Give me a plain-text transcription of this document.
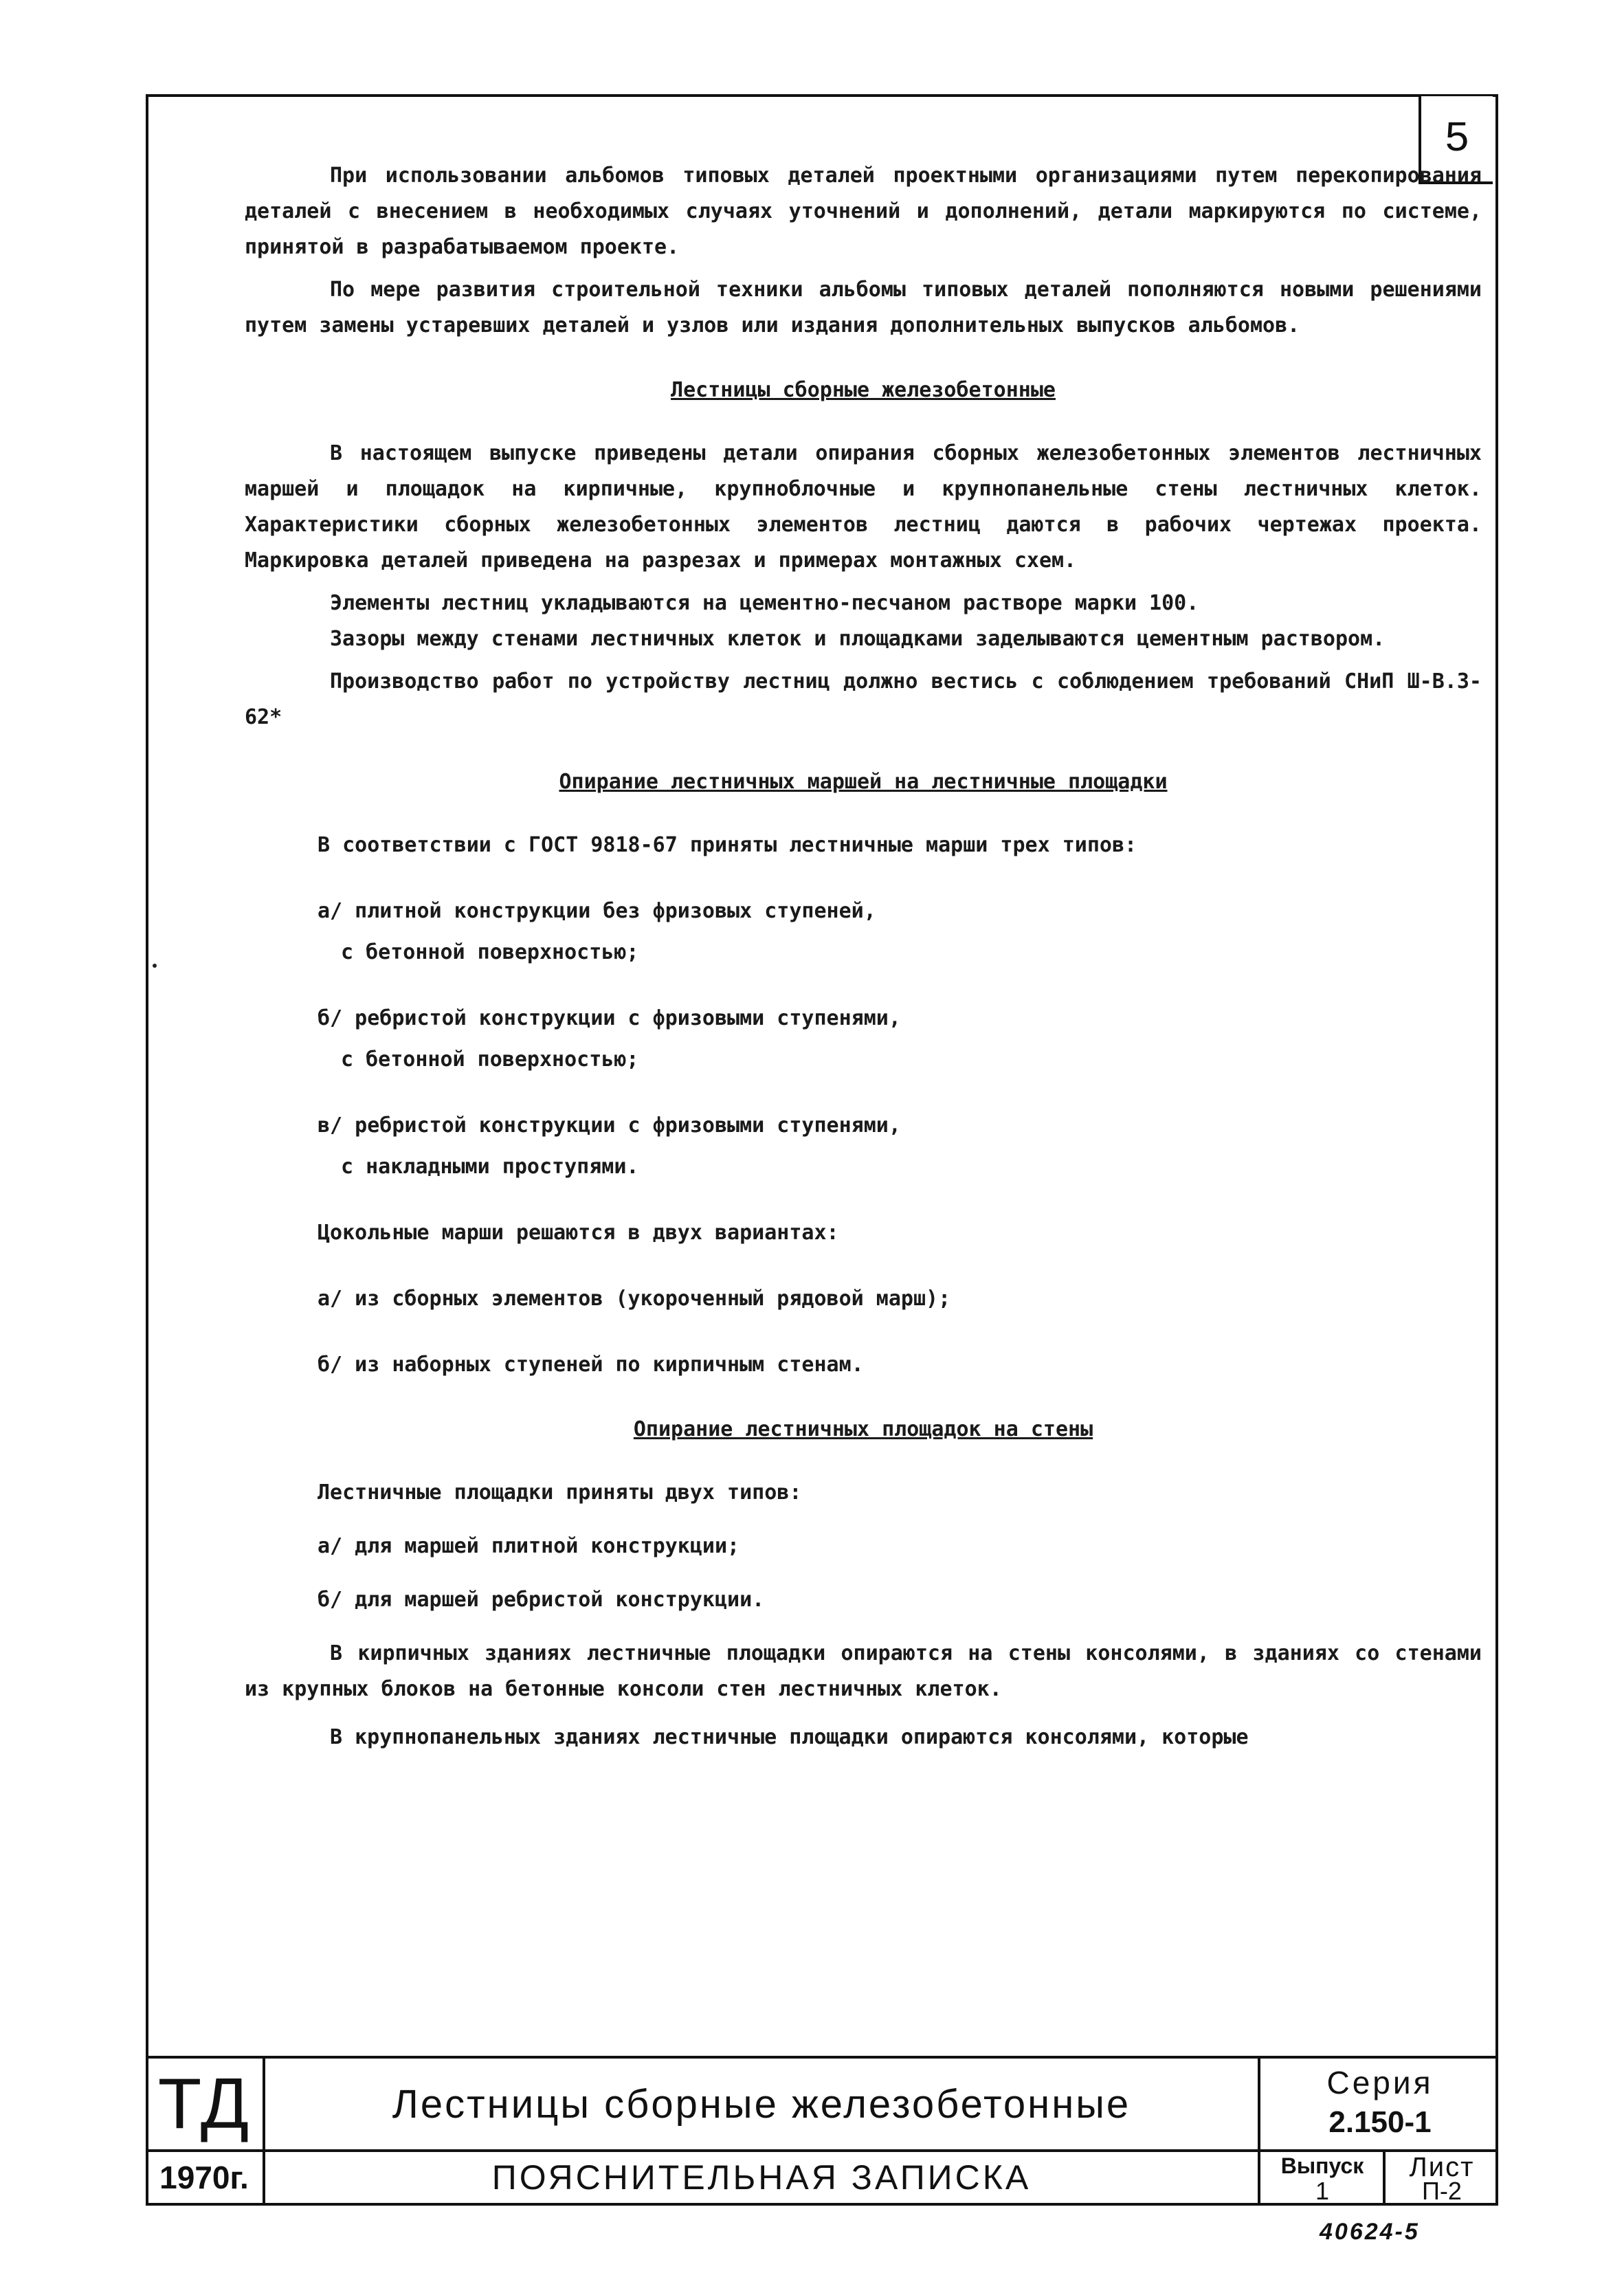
5
При использовании альбомов типовых деталей проектными организациями путем перекопирования деталей с внесением в необходимых случаях уточнений и дополнений, детали маркируются по системе, принятой в разрабатываемом проекте.
По мере развития строительной техники альбомы типовых деталей пополняются новыми решениями путем замены устаревших деталей и узлов или издания дополнительных выпусков альбомов.
Лестницы сборные железобетонные
В настоящем выпуске приведены детали опирания сборных железобетонных элементов лестничных маршей и площадок на кирпичные, крупноблочные и крупнопанельные стены лестничных клеток. Характеристики сборных железобетонных элементов лестниц даются в рабочих чертежах проекта. Маркировка деталей приведена на разрезах и примерах монтажных схем.
Элементы лестниц укладываются на цементно-песчаном растворе марки 100.
Зазоры между стенами лестничных клеток и площадками заделываются цементным раствором.
Производство работ по устройству лестниц должно вестись с соблюдением требований СНиП Ш-В.3-62*
Опирание лестничных маршей на лестничные площадки
В соответствии с ГОСТ 9818-67 приняты лестничные марши трех типов:
а/ плитной конструкции без фризовых ступеней,
с бетонной поверхностью;
б/ ребристой конструкции с фризовыми ступенями,
с бетонной поверхностью;
в/ ребристой конструкции с фризовыми ступенями,
с накладными проступями.
Цокольные марши решаются в двух вариантах:
а/ из сборных элементов (укороченный рядовой марш);
б/ из наборных ступеней по кирпичным стенам.
Опирание лестничных площадок на стены
Лестничные площадки приняты двух типов:
а/ для маршей плитной конструкции;
б/ для маршей ребристой конструкции.
В кирпичных зданиях лестничные площадки опираются на стены консолями, в зданиях со стенами из крупных блоков на бетонные консоли стен лестничных клеток.
В крупнопанельных зданиях лестничные площадки опираются консолями, которые
ТД
1970г.
Лестницы сборные железобетонные
ПОЯСНИТЕЛЬНАЯ ЗАПИСКА
Серия
2.150-1
Выпуск
1
Лист
П-2
40624-5
